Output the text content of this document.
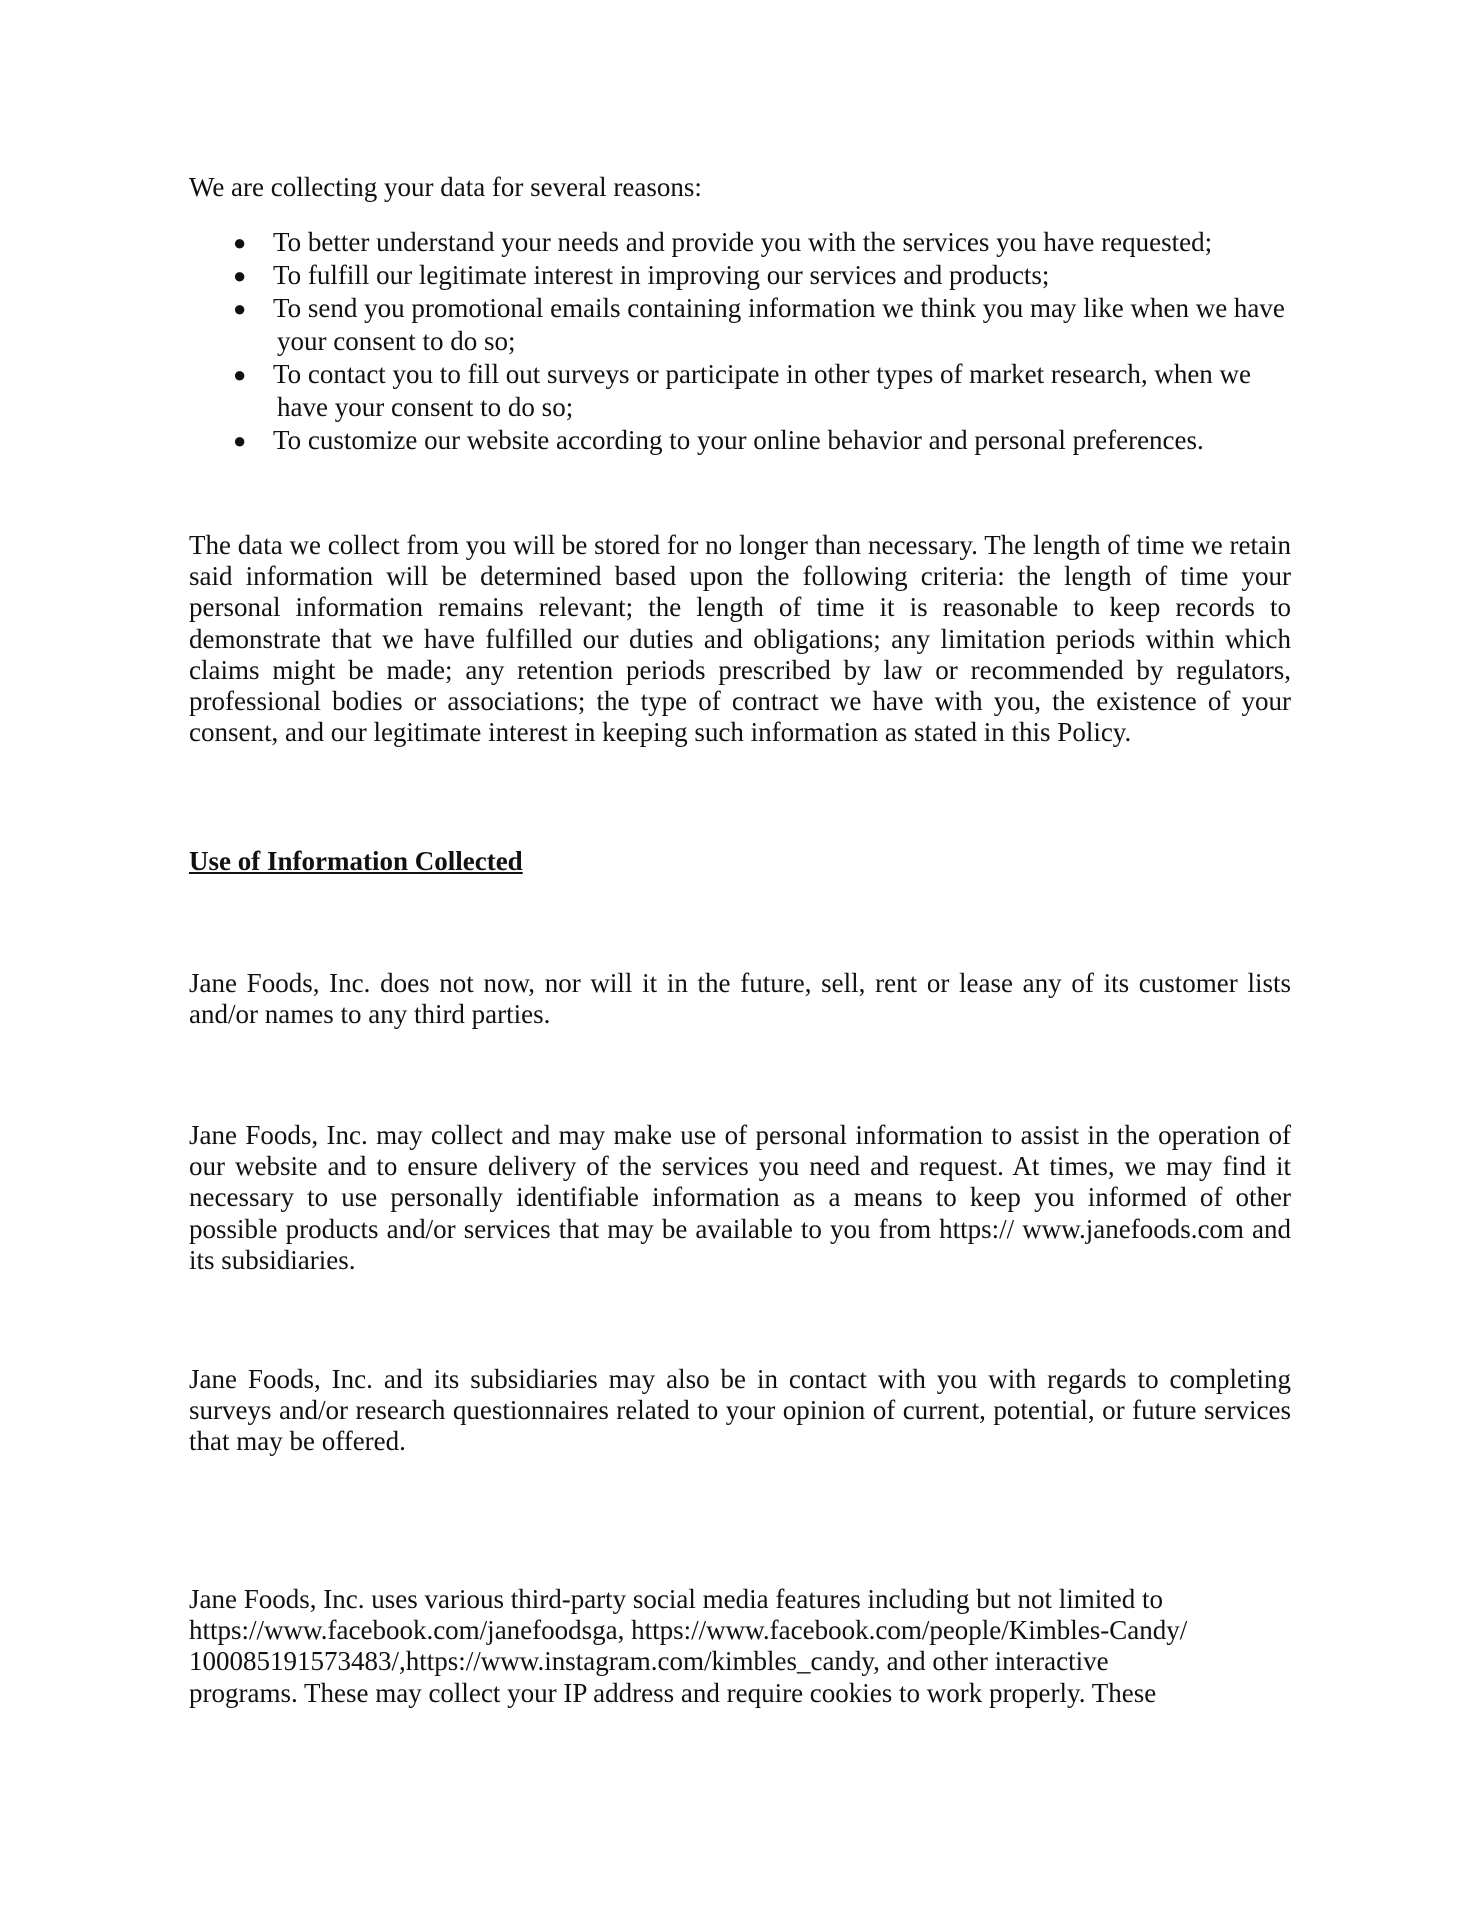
We are collecting your data for several reasons:

● To better understand your needs and provide you with the services you have requested;
● To fulfill our legitimate interest in improving our services and products;
● To send you promotional emails containing information we think you may like when we have your consent to do so;
● To contact you to fill out surveys or participate in other types of market research, when we have your consent to do so;
● To customize our website according to your online behavior and personal preferences.

The data we collect from you will be stored for no longer than necessary. The length of time we retain said information will be determined based upon the following criteria: the length of time your personal information remains relevant; the length of time it is reasonable to keep records to demonstrate that we have fulfilled our duties and obligations; any limitation periods within which claims might be made; any retention periods prescribed by law or recommended by regulators, professional bodies or associations; the type of contract we have with you, the existence of your consent, and our legitimate interest in keeping such information as stated in this Policy.

Use of Information Collected

Jane Foods, Inc. does not now, nor will it in the future, sell, rent or lease any of its customer lists and/or names to any third parties.

Jane Foods, Inc. may collect and may make use of personal information to assist in the operation of our website and to ensure delivery of the services you need and request. At times, we may find it necessary to use personally identifiable information as a means to keep you informed of other possible products and/or services that may be available to you from https:// www.janefoods.com and its subsidiaries.

Jane Foods, Inc. and its subsidiaries may also be in contact with you with regards to completing surveys and/or research questionnaires related to your opinion of current, potential, or future services that may be offered.

Jane Foods, Inc. uses various third-party social media features including but not limited to
https://www.facebook.com/janefoodsga, https://www.facebook.com/people/Kimbles-Candy/
100085191573483/,https://www.instagram.com/kimbles_candy, and other interactive
programs. These may collect your IP address and require cookies to work properly. These
